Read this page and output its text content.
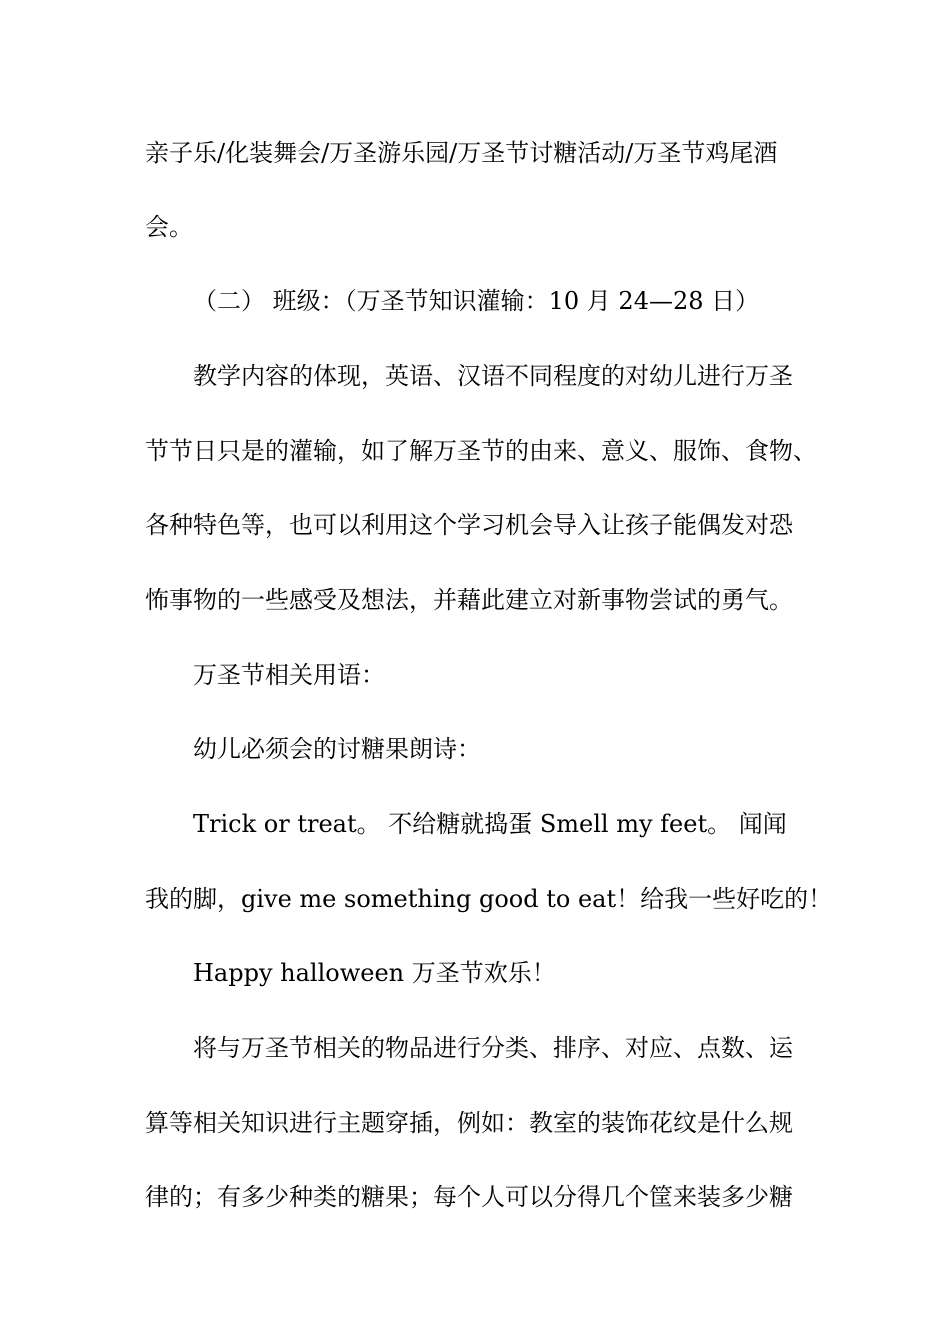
亲子乐/化装舞会/万圣游乐园/万圣节讨糖活动/万圣节鸡尾酒
会。
（二） 班级：（万圣节知识灌输：10 月 24—28 日）
教学内容的体现，英语、汉语不同程度的对幼儿进行万圣
节节日只是的灌输，如了解万圣节的由来、意义、服饰、食物、
各种特色等，也可以利用这个学习机会导入让孩子能偶发对恐
怖事物的一些感受及想法，并藉此建立对新事物尝试的勇气。
万圣节相关用语：
幼儿必须会的讨糖果朗诗：
Trick or treat。 不给糖就捣蛋 Smell my feet。 闻闻
我的脚，give me something good to eat！给我一些好吃的！
Happy halloween 万圣节欢乐！
将与万圣节相关的物品进行分类、排序、对应、点数、运
算等相关知识进行主题穿插，例如：教室的装饰花纹是什么规
律的；有多少种类的糖果；每个人可以分得几个筐来装多少糖
